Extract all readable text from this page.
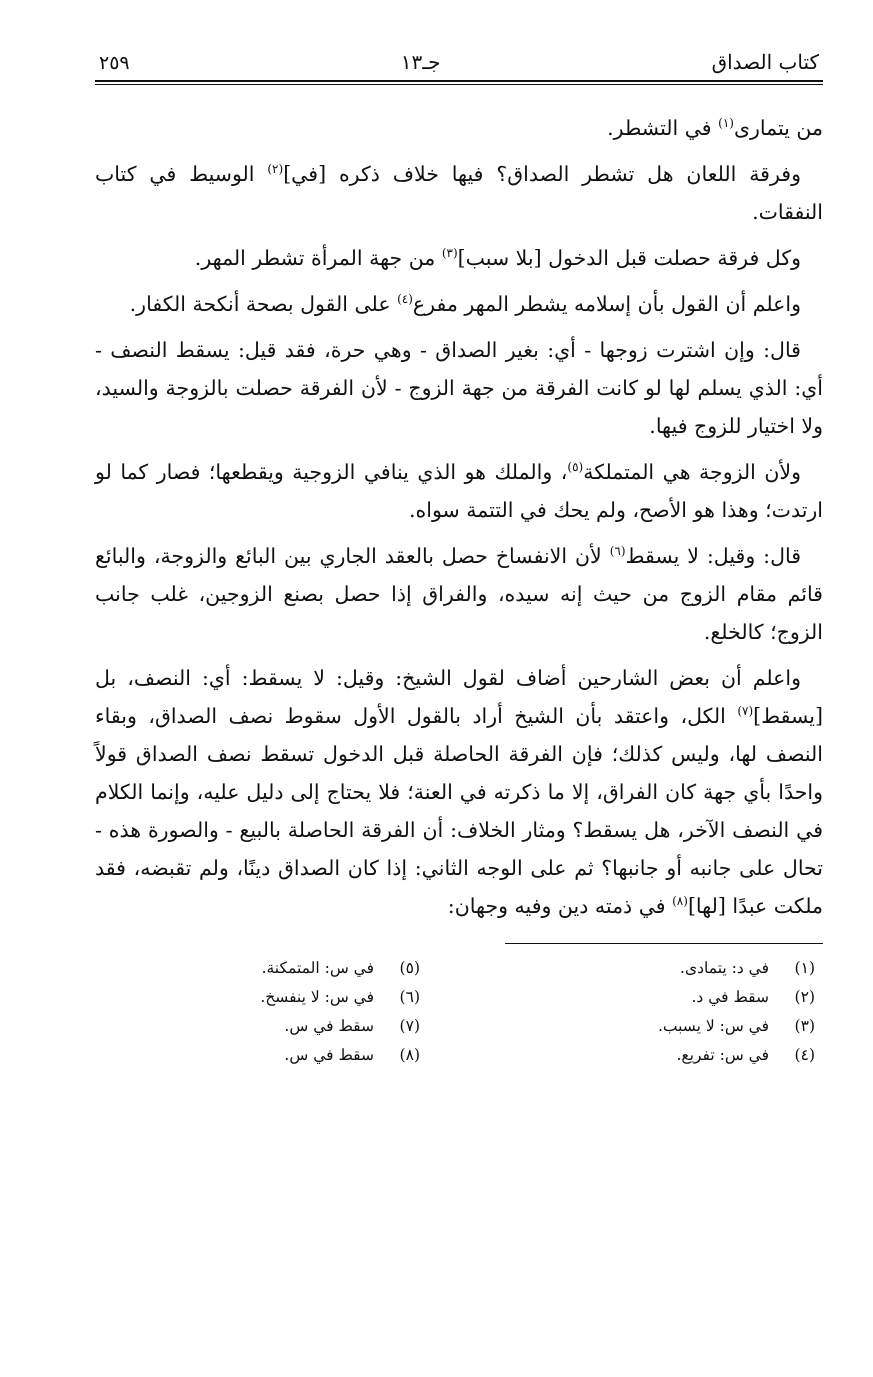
كتاب الصداق
جـ١٣
٢٥٩

من يتمارى$^{(١)}$ في التشطر.

وفرقة اللعان هل تشطر الصداق؟ فيها خلاف ذكره [في]$^{(٢)}$ الوسيط في كتاب النفقات.

وكل فرقة حصلت قبل الدخول [بلا سبب]$^{(٣)}$ من جهة المرأة تشطر المهر.

واعلم أن القول بأن إسلامه يشطر المهر مفرع$^{(٤)}$ على القول بصحة أنكحة الكفار.

قال: وإن اشترت زوجها - أي: بغير الصداق - وهي حرة، فقد قيل: يسقط النصف - أي: الذي يسلم لها لو كانت الفرقة من جهة الزوج - لأن الفرقة حصلت بالزوجة والسيد، ولا اختيار للزوج فيها.

ولأن الزوجة هي المتملكة$^{(٥)}$، والملك هو الذي ينافي الزوجية ويقطعها؛ فصار كما لو ارتدت؛ وهذا هو الأصح، ولم يحك في التتمة سواه.

قال: وقيل: لا يسقط$^{(٦)}$ لأن الانفساخ حصل بالعقد الجاري بين البائع والزوجة، والبائع قائم مقام الزوج من حيث إنه سيده، والفراق إذا حصل بصنع الزوجين، غلب جانب الزوج؛ كالخلع.

واعلم أن بعض الشارحين أضاف لقول الشيخ: وقيل: لا يسقط: أي: النصف، بل [يسقط]$^{(٧)}$ الكل، واعتقد بأن الشيخ أراد بالقول الأول سقوط نصف الصداق، وبقاء النصف لها، وليس كذلك؛ فإن الفرقة الحاصلة قبل الدخول تسقط نصف الصداق قولاً واحدًا بأي جهة كان الفراق، إلا ما ذكرته في العنة؛ فلا يحتاج إلى دليل عليه، وإنما الكلام في النصف الآخر، هل يسقط؟ ومثار الخلاف: أن الفرقة الحاصلة بالبيع - والصورة هذه - تحال على جانبه أو جانبها؟ ثم على الوجه الثاني: إذا كان الصداق دينًا، ولم تقبضه، فقد ملكت عبدًا [لها]$^{(٨)}$ في ذمته دين وفيه وجهان:

(١)
في د: يتمادى.
(٢)
سقط في د.
(٣)
في س: لا يسبب.
(٤)
في س: تفريع.
(٥)
في س: المتمكنة.
(٦)
في س: لا ينفسخ.
(٧)
سقط في س.
(٨)
سقط في س.
